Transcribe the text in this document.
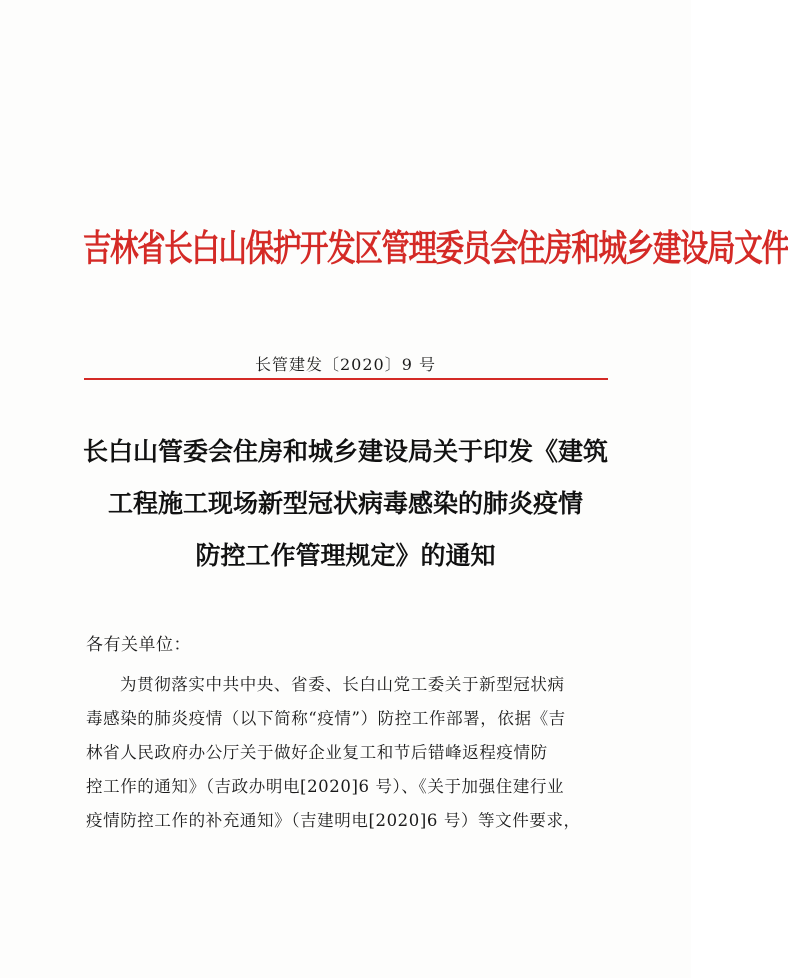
吉林省长白山保护开发区管理委员会住房和城乡建设局文件
长管建发〔2020〕9 号
长白山管委会住房和城乡建设局关于印发《建筑
工程施工现场新型冠状病毒感染的肺炎疫情
防控工作管理规定》的通知
各有关单位：
为贯彻落实中共中央、省委、长白山党工委关于新型冠状病
毒感染的肺炎疫情（以下简称“疫情”）防控工作部署，依据《吉
林省人民政府办公厅关于做好企业复工和节后错峰返程疫情防
控工作的通知》（吉政办明电[2020]6 号）、《关于加强住建行业
疫情防控工作的补充通知》（吉建明电[2020]6 号）等文件要求，
